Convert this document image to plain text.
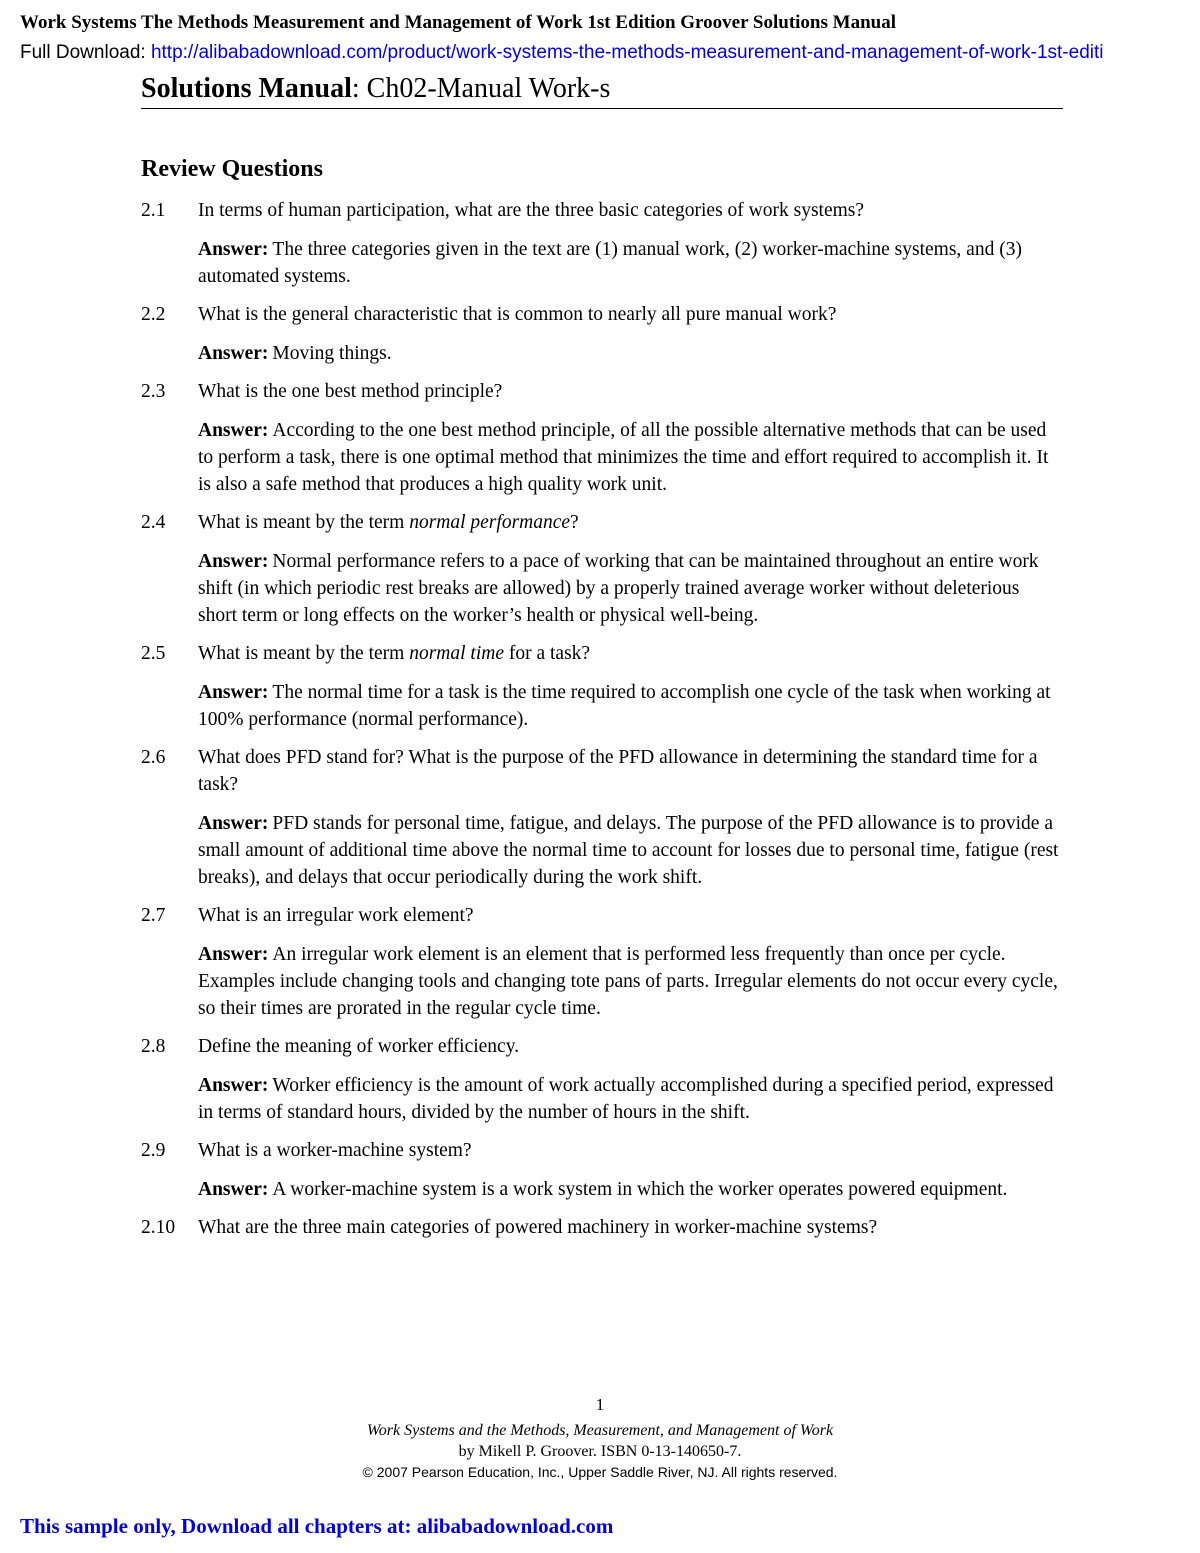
Work Systems The Methods Measurement and Management of Work 1st Edition Groover Solutions Manual
Full Download: http://alibabadownload.com/product/work-systems-the-methods-measurement-and-management-of-work-1st-editi
Solutions Manual: Ch02-Manual Work-s
Review Questions
2.1 In terms of human participation, what are the three basic categories of work systems?
Answer: The three categories given in the text are (1) manual work, (2) worker-machine systems, and (3) automated systems.
2.2 What is the general characteristic that is common to nearly all pure manual work?
Answer: Moving things.
2.3 What is the one best method principle?
Answer: According to the one best method principle, of all the possible alternative methods that can be used to perform a task, there is one optimal method that minimizes the time and effort required to accomplish it. It is also a safe method that produces a high quality work unit.
2.4 What is meant by the term normal performance?
Answer: Normal performance refers to a pace of working that can be maintained throughout an entire work shift (in which periodic rest breaks are allowed) by a properly trained average worker without deleterious short term or long effects on the worker’s health or physical well-being.
2.5 What is meant by the term normal time for a task?
Answer: The normal time for a task is the time required to accomplish one cycle of the task when working at 100% performance (normal performance).
2.6 What does PFD stand for? What is the purpose of the PFD allowance in determining the standard time for a task?
Answer: PFD stands for personal time, fatigue, and delays. The purpose of the PFD allowance is to provide a small amount of additional time above the normal time to account for losses due to personal time, fatigue (rest breaks), and delays that occur periodically during the work shift.
2.7 What is an irregular work element?
Answer: An irregular work element is an element that is performed less frequently than once per cycle. Examples include changing tools and changing tote pans of parts. Irregular elements do not occur every cycle, so their times are prorated in the regular cycle time.
2.8 Define the meaning of worker efficiency.
Answer: Worker efficiency is the amount of work actually accomplished during a specified period, expressed in terms of standard hours, divided by the number of hours in the shift.
2.9 What is a worker-machine system?
Answer: A worker-machine system is a work system in which the worker operates powered equipment.
2.10 What are the three main categories of powered machinery in worker-machine systems?
1
Work Systems and the Methods, Measurement, and Management of Work
by Mikell P. Groover. ISBN 0-13-140650-7.
© 2007 Pearson Education, Inc., Upper Saddle River, NJ. All rights reserved.
This sample only, Download all chapters at: alibabadownload.com
